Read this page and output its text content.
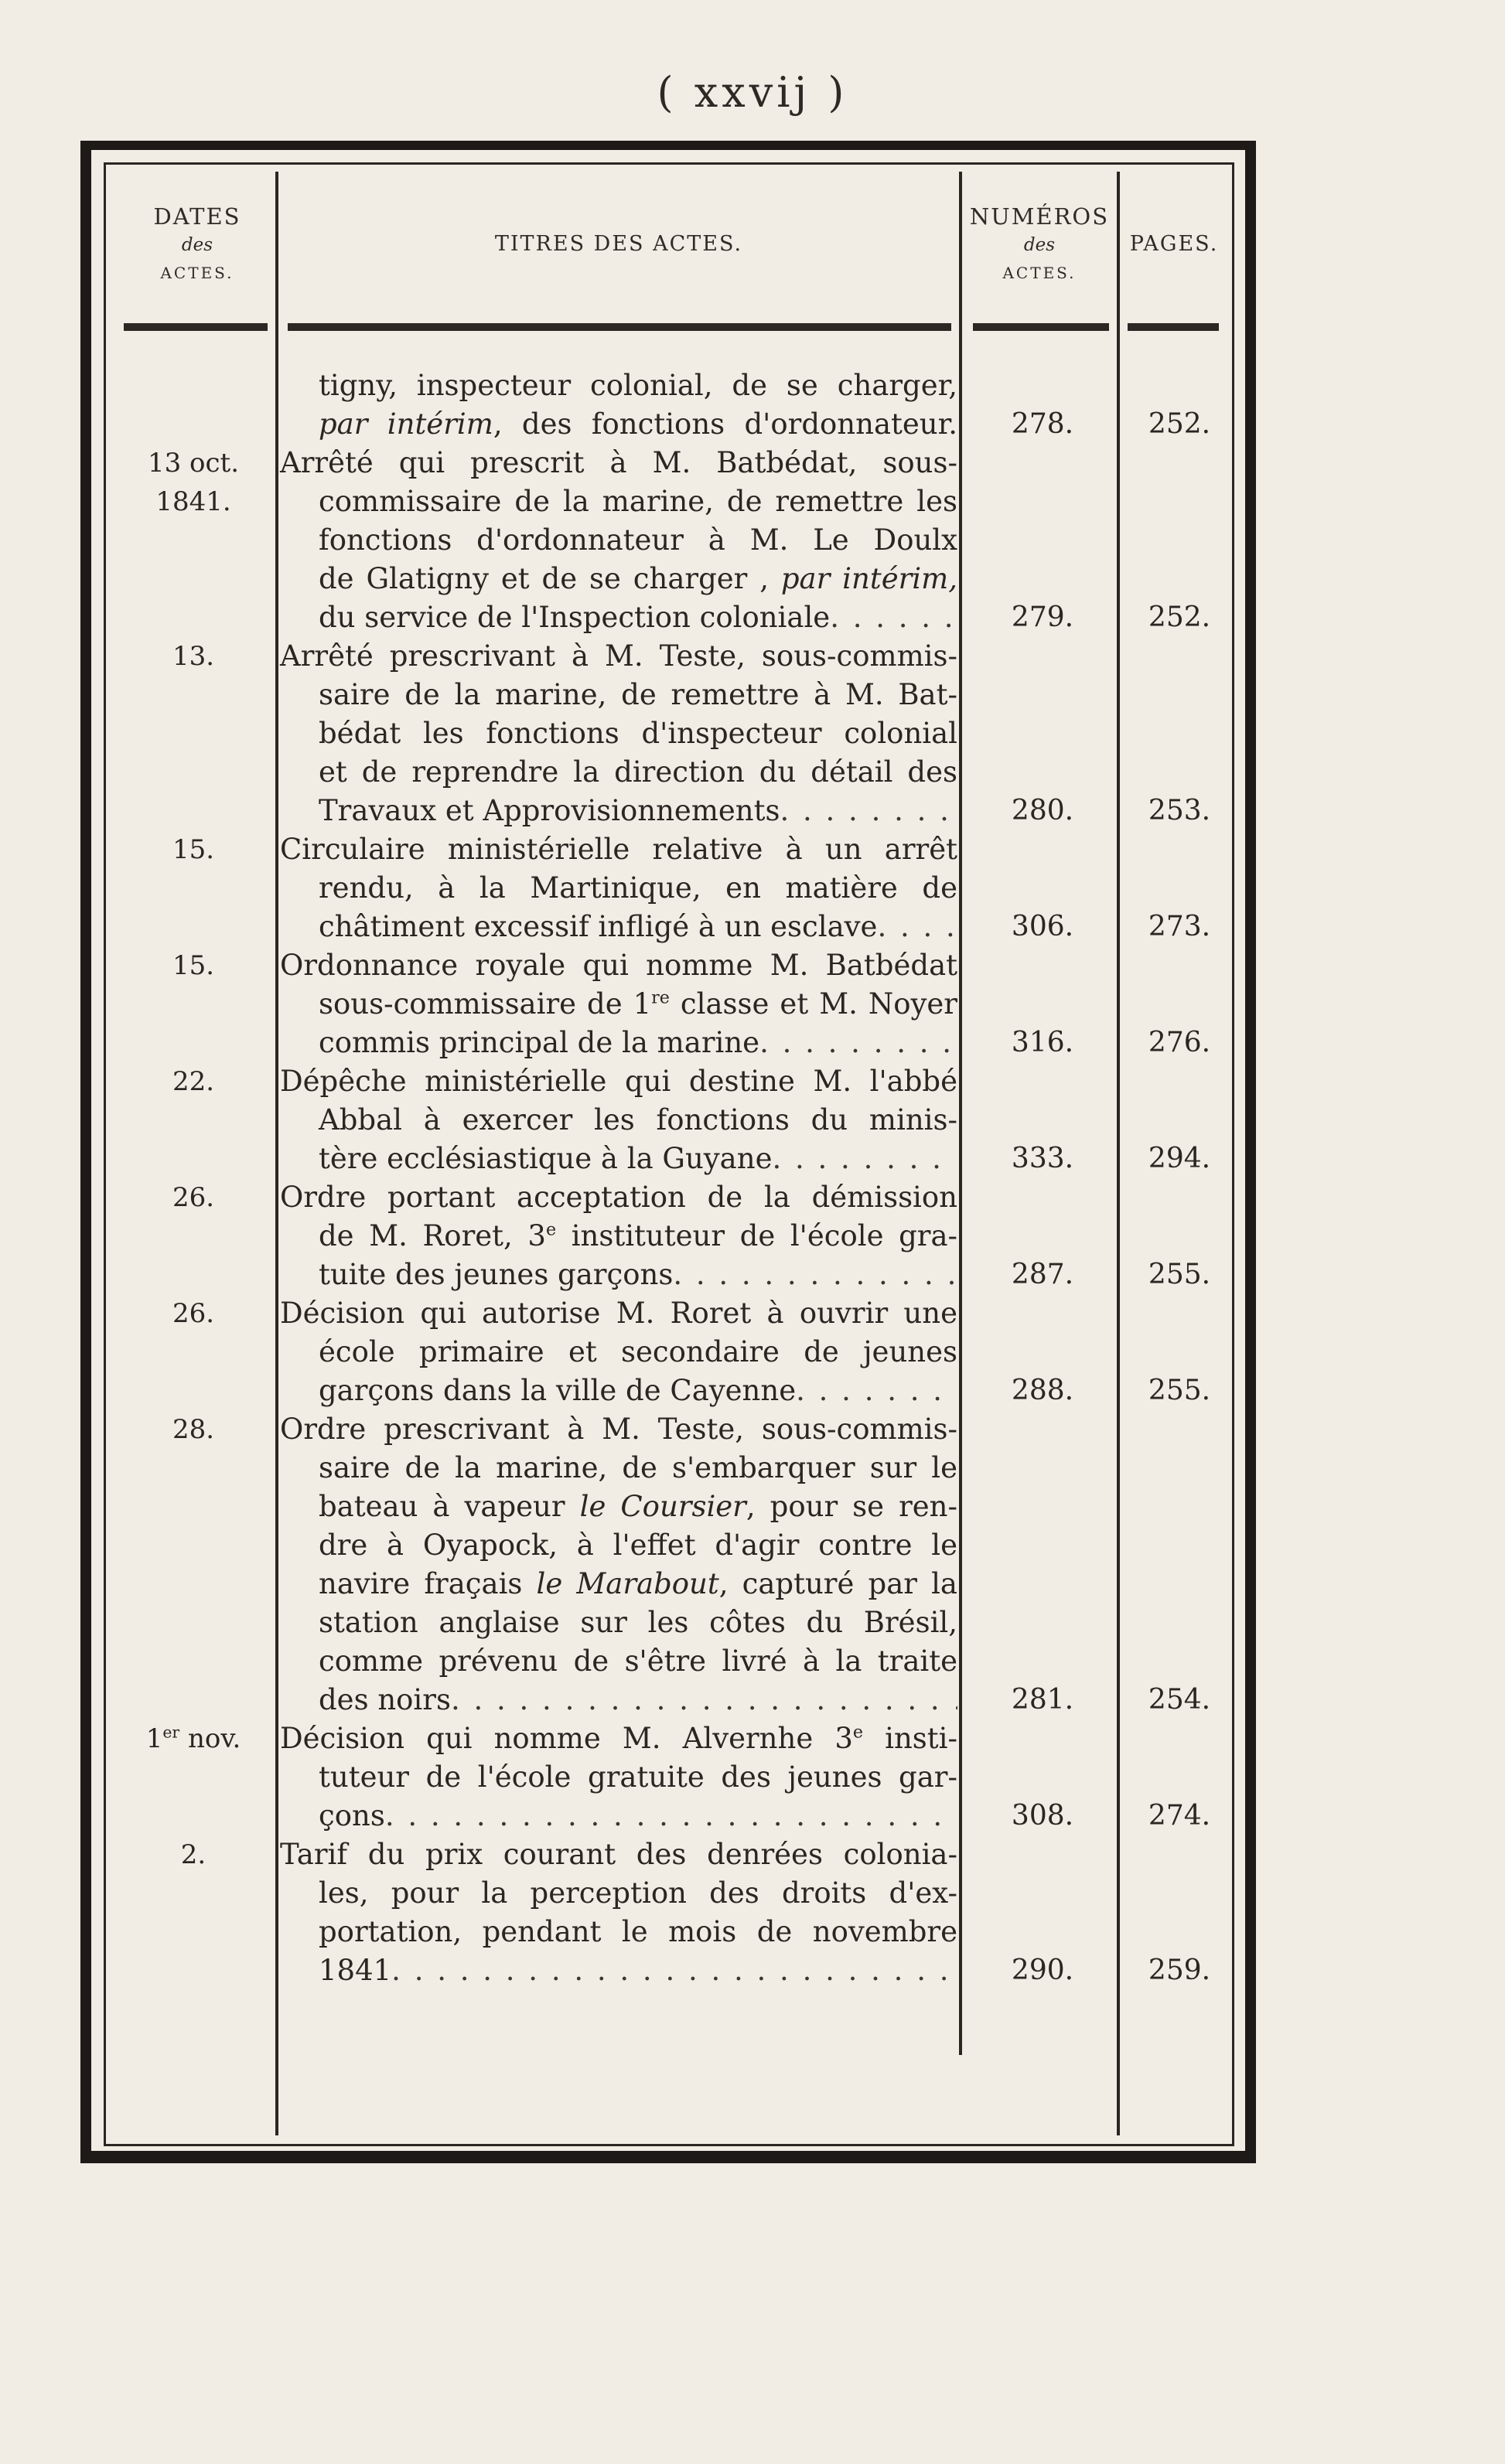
( xxvij )
DATES
des
ACTES.
TITRES DES ACTES.
NUMÉROS
des
ACTES.
PAGES.
tigny, inspecteur colonial, de se charger,
par intérim, des fonctions d'ordonnateur.	278.	252.
13 oct.	Arrêté qui prescrit à M. Batbédat, sous-
1841.	commissaire de la marine, de remettre les
fonctions d'ordonnateur à M. Le Doulx
de Glatigny et de se charger , par intérim,
du service de l'Inspection coloniale . . .	279.	252.
13.	Arrêté prescrivant à M. Teste, sous-commis-
saire de la marine, de remettre à M. Bat-
bédat les fonctions d'inspecteur colonial
et de reprendre la direction du détail des
Travaux et Approvisionnements . . .	280.	253.
15.	Circulaire ministérielle relative à un arrêt
rendu, à la Martinique, en matière de
châtiment excessif infligé à un esclave . . .	306.	273.
15.	Ordonnance royale qui nomme M. Batbédat
sous-commissaire de 1re classe et M. Noyer
commis principal de la marine . . .	316.	276.
22.	Dépêche ministérielle qui destine M. l'abbé
Abbal à exercer les fonctions du minis-
tère ecclésiastique à la Guyane . . .	333.	294.
26.	Ordre portant acceptation de la démission
de M. Roret, 3e instituteur de l'école gra-
tuite des jeunes garçons . . .	287.	255.
26.	Décision qui autorise M. Roret à ouvrir une
école primaire et secondaire de jeunes
garçons dans la ville de Cayenne . . .	288.	255.
28.	Ordre prescrivant à M. Teste, sous-commis-
saire de la marine, de s'embarquer sur le
bateau à vapeur le Coursier, pour se ren-
dre à Oyapock, à l'effet d'agir contre le
navire fraçais le Marabout, capturé par la
station anglaise sur les côtes du Brésil,
comme prévenu de s'être livré à la traite
des noirs . . .	281.	254.
1er nov.	Décision qui nomme M. Alvernhe 3e insti-
tuteur de l'école gratuite des jeunes gar-
çons . . .	308.	274.
2.	Tarif du prix courant des denrées colonia-
les, pour la perception des droits d'ex-
portation, pendant le mois de novembre
1841 . . .	290.	259.
